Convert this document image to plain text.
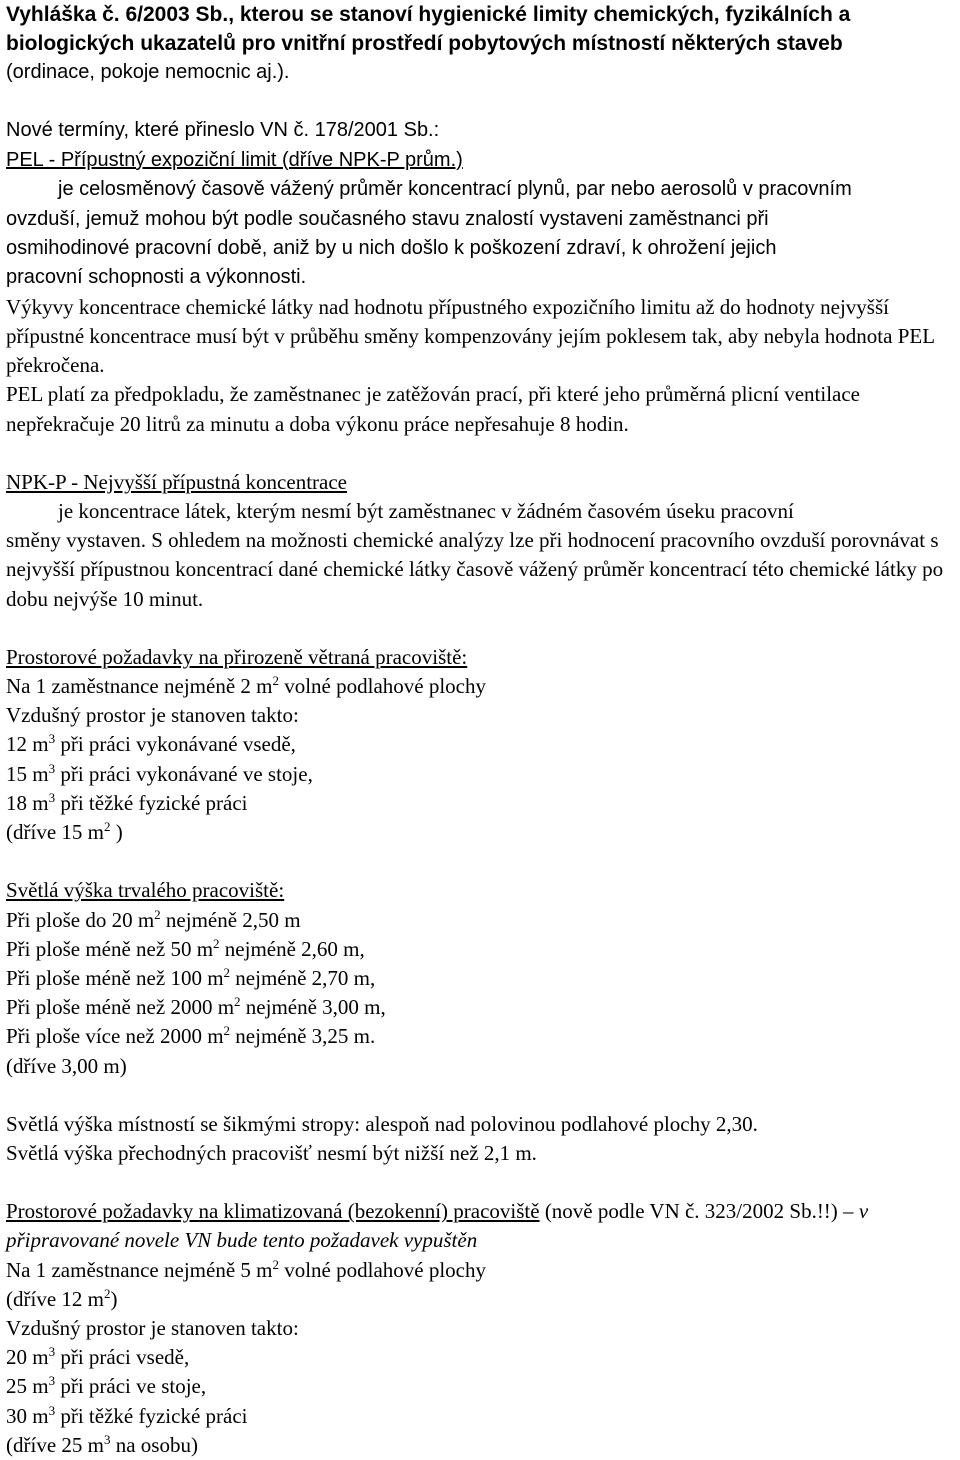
Vyhláška č. 6/2003 Sb., kterou se stanoví hygienické limity chemických, fyzikálních a biologických ukazatelů pro vnitřní prostředí pobytových místností některých staveb

(ordinace, pokoje nemocnic aj.).

Nové termíny, které přineslo VN č. 178/2001 Sb.:

PEL - Přípustný expoziční limit (dříve NPK-P prům.)

je celosměnový časově vážený průměr koncentrací plynů, par nebo aerosolů v pracovním

ovzduší, jemuž mohou být podle současného stavu znalostí vystaveni zaměstnanci při

osmihodinové pracovní době, aniž by u nich došlo k poškození zdraví, k ohrožení jejich

pracovní schopnosti a výkonnosti.

Výkyvy koncentrace chemické látky nad hodnotu přípustného expozičního limitu až do hodnoty nejvyšší přípustné koncentrace musí být v průběhu směny kompenzovány jejím poklesem tak, aby nebyla hodnota PEL překročena.

PEL platí za předpokladu, že zaměstnanec je zatěžován prací, při které jeho průměrná plicní ventilace nepřekračuje 20 litrů za minutu a doba výkonu práce nepřesahuje 8 hodin.

NPK-P - Nejvyšší přípustná koncentrace

je koncentrace látek, kterým nesmí být zaměstnanec v žádném časovém úseku pracovní

směny vystaven. S ohledem na možnosti chemické analýzy lze při hodnocení pracovního ovzduší porovnávat s nejvyšší přípustnou koncentrací dané chemické látky časově vážený průměr koncentrací této chemické látky po dobu nejvýše 10 minut.

Prostorové požadavky na přirozeně větraná pracoviště:

Na 1 zaměstnance nejméně 2 $m^2$ volné podlahové plochy

Vzdušný prostor je stanoven takto:

12 $m^3$ při práci vykonávané vsedě,

15 $m^3$ při práci vykonávané ve stoje,

18 $m^3$ při těžké fyzické práci

(dříve 15 $m^2$ )

Světlá výška trvalého pracoviště:

Při ploše do 20 $m^2$ nejméně 2,50 m

Při ploše méně než 50 $m^2$ nejméně 2,60 m,

Při ploše méně než 100 $m^2$ nejméně 2,70 m,

Při ploše méně než 2000 $m^2$ nejméně 3,00 m,

Při ploše více než 2000 $m^2$ nejméně 3,25 m.

(dříve 3,00 m)

Světlá výška místností se šikmými stropy: alespoň nad polovinou podlahové plochy 2,30.

Světlá výška přechodných pracovišť nesmí být nižší než 2,1 m.

Prostorové požadavky na klimatizovaná (bezokenní) pracoviště (nově podle VN č. 323/2002 Sb.!!) – v připravované novele VN bude tento požadavek vypuštěn

Na 1 zaměstnance nejméně 5 $m^2$ volné podlahové plochy

(dříve 12 $m^2$)

Vzdušný prostor je stanoven takto:

20 $m^3$ při práci vsedě,

25 $m^3$ při práci ve stoje,

30 $m^3$ při těžké fyzické práci

(dříve 25 $m^3$ na osobu)
